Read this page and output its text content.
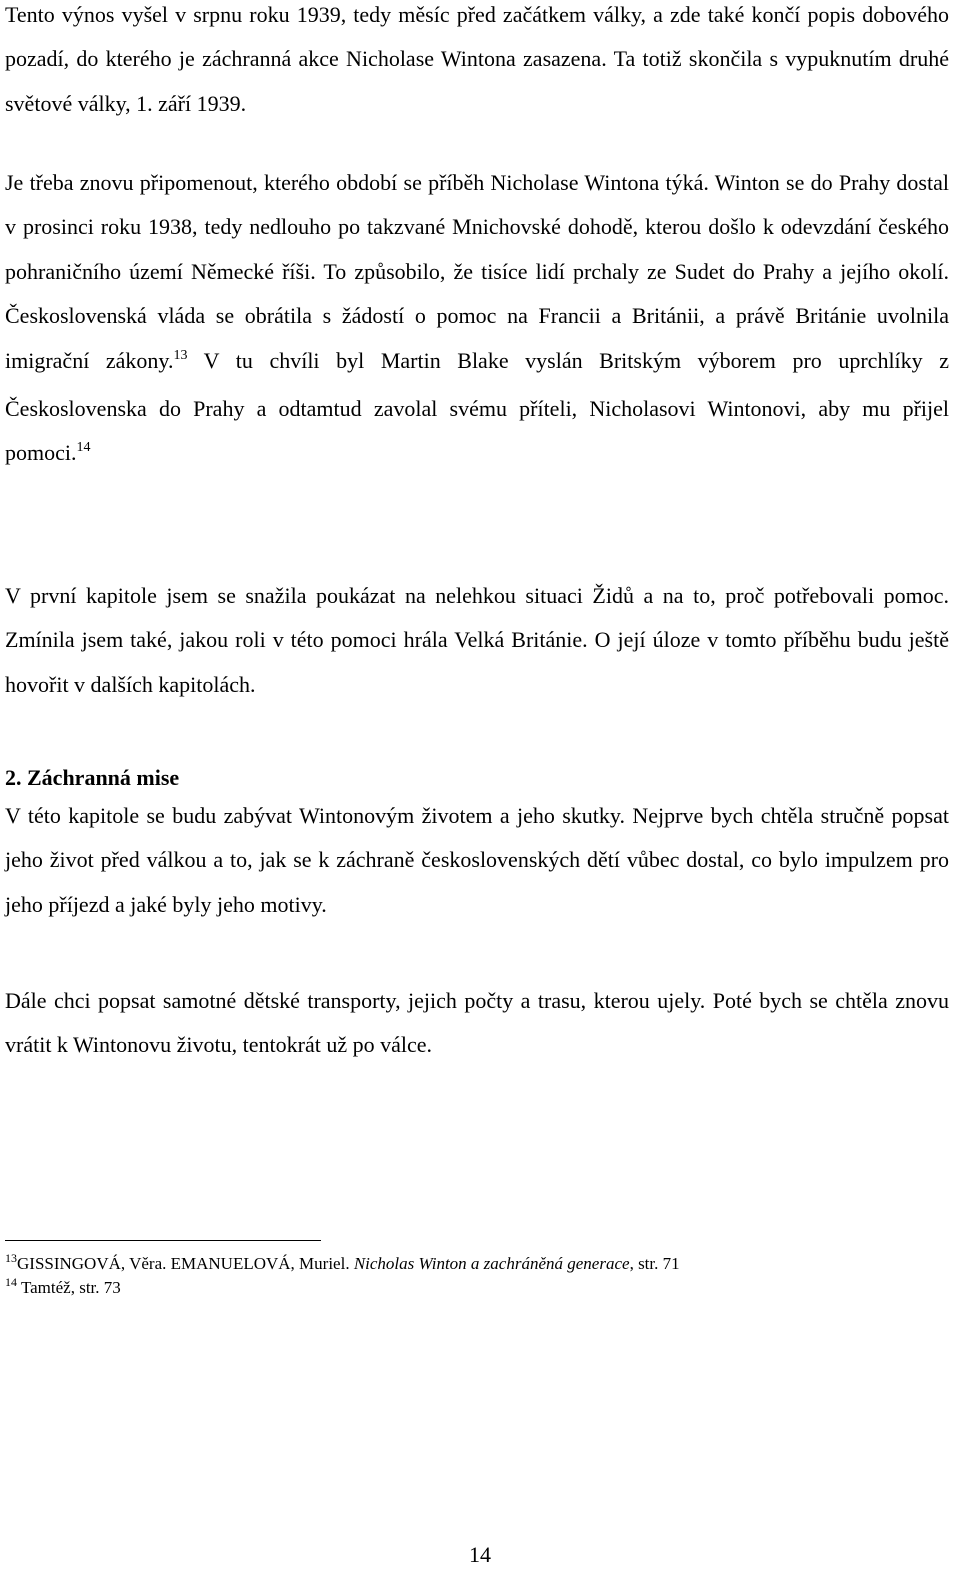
Tento výnos vyšel v srpnu roku 1939, tedy měsíc před začátkem války, a zde také končí popis dobového pozadí, do kterého je záchranná akce Nicholase Wintona zasazena. Ta totiž skončila s vypuknutím druhé světové války, 1. září 1939.

Je třeba znovu připomenout, kterého období se příběh Nicholase Wintona týká. Winton se do Prahy dostal v prosinci roku 1938, tedy nedlouho po takzvané Mnichovské dohodě, kterou došlo k odevzdání českého pohraničního území Německé říši. To způsobilo, že tisíce lidí prchaly ze Sudet do Prahy a jejího okolí. Československá vláda se obrátila s žádostí o pomoc na Francii a Británii, a právě Británie uvolnila imigrační zákony.$^{13}$ V tu chvíli byl Martin Blake vyslán Britským výborem pro uprchlíky z Československa do Prahy a odtamtud zavolal svému příteli, Nicholasovi Wintonovi, aby mu přijel pomoci.$^{14}$

V první kapitole jsem se snažila poukázat na nelehkou situaci Židů a na to, proč potřebovali pomoc. Zmínila jsem také, jakou roli v této pomoci hrála Velká Británie. O její úloze v tomto příběhu budu ještě hovořit v dalších kapitolách.

2. Záchranná mise

V této kapitole se budu zabývat Wintonovým životem a jeho skutky. Nejprve bych chtěla stručně popsat jeho život před válkou a to, jak se k záchraně československých dětí vůbec dostal, co bylo impulzem pro jeho příjezd a jaké byly jeho motivy.

Dále chci popsat samotné dětské transporty, jejich počty a trasu, kterou ujely. Poté bych se chtěla znovu vrátit k Wintonovu životu, tentokrát už po válce.

$^{13}$GISSINGOVÁ, Věra. EMANUELOVÁ, Muriel. Nicholas Winton a zachráněná generace, str. 71

$^{14}$ Tamtéž, str. 73

14
